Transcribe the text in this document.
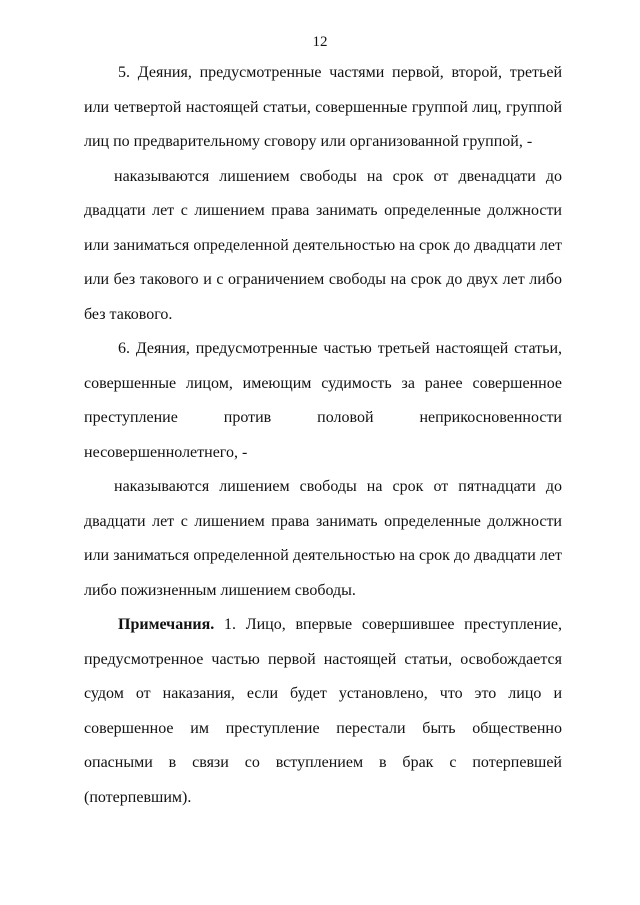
12

5. Деяния, предусмотренные частями первой, второй, третьей или четвертой настоящей статьи, совершенные группой лиц, группой лиц по предварительному сговору или организованной группой, -

наказываются лишением свободы на срок от двенадцати до двадцати лет с лишением права занимать определенные должности или заниматься определенной деятельностью на срок до двадцати лет или без такового и с ограничением свободы на срок до двух лет либо без такового.

6. Деяния, предусмотренные частью третьей настоящей статьи, совершенные лицом, имеющим судимость за ранее совершенное преступление против половой неприкосновенности несовершеннолетнего, -

наказываются лишением свободы на срок от пятнадцати до двадцати лет с лишением права занимать определенные должности или заниматься определенной деятельностью на срок до двадцати лет либо пожизненным лишением свободы.

Примечания. 1. Лицо, впервые совершившее преступление, предусмотренное частью первой настоящей статьи, освобождается судом от наказания, если будет установлено, что это лицо и совершенное им преступление перестали быть общественно опасными в связи со вступлением в брак с потерпевшей (потерпевшим).
